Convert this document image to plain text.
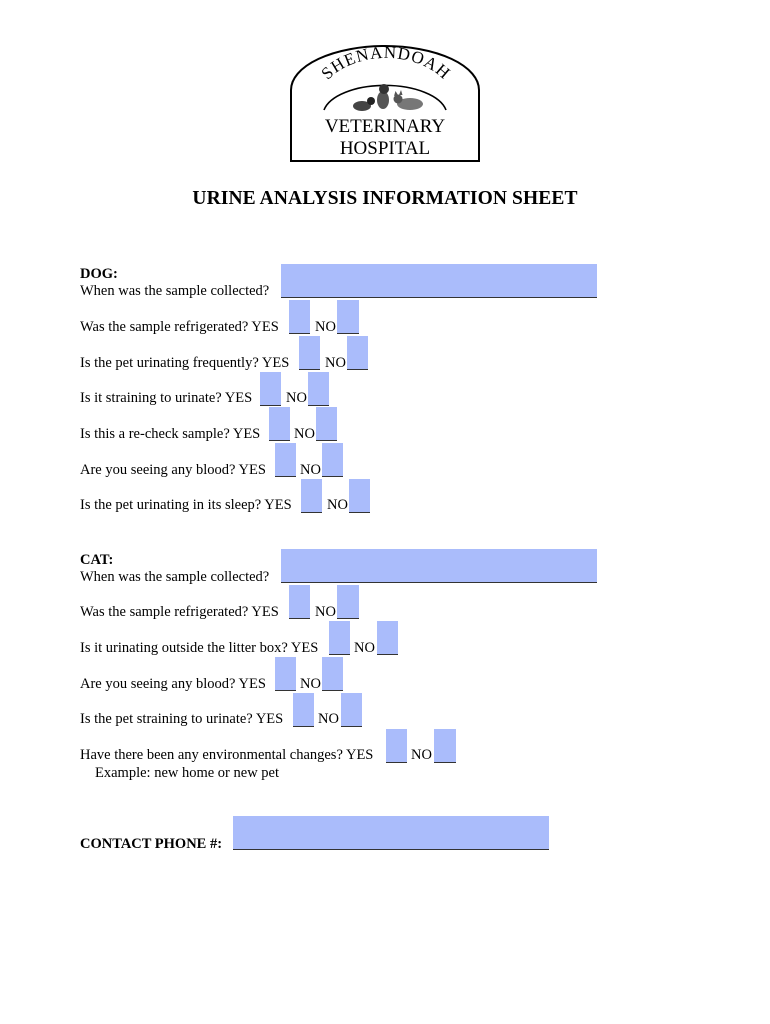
SHENANDOAH
VETERINARY
HOSPITAL
URINE ANALYSIS INFORMATION SHEET
DOG:
When was the sample collected?
Was the sample refrigerated? YES NO
Is the pet urinating frequently? YES NO
Is it straining to urinate? YES NO
Is this a re-check sample? YES NO
Are you seeing any blood? YES NO
Is the pet urinating in its sleep? YES NO
CAT:
When was the sample collected?
Was the sample refrigerated? YES NO
Is it urinating outside the litter box? YES NO
Are you seeing any blood? YES NO
Is the pet straining to urinate? YES NO
Have there been any environmental changes? YES	NO
Example: new home or new pet
CONTACT PHONE #:
